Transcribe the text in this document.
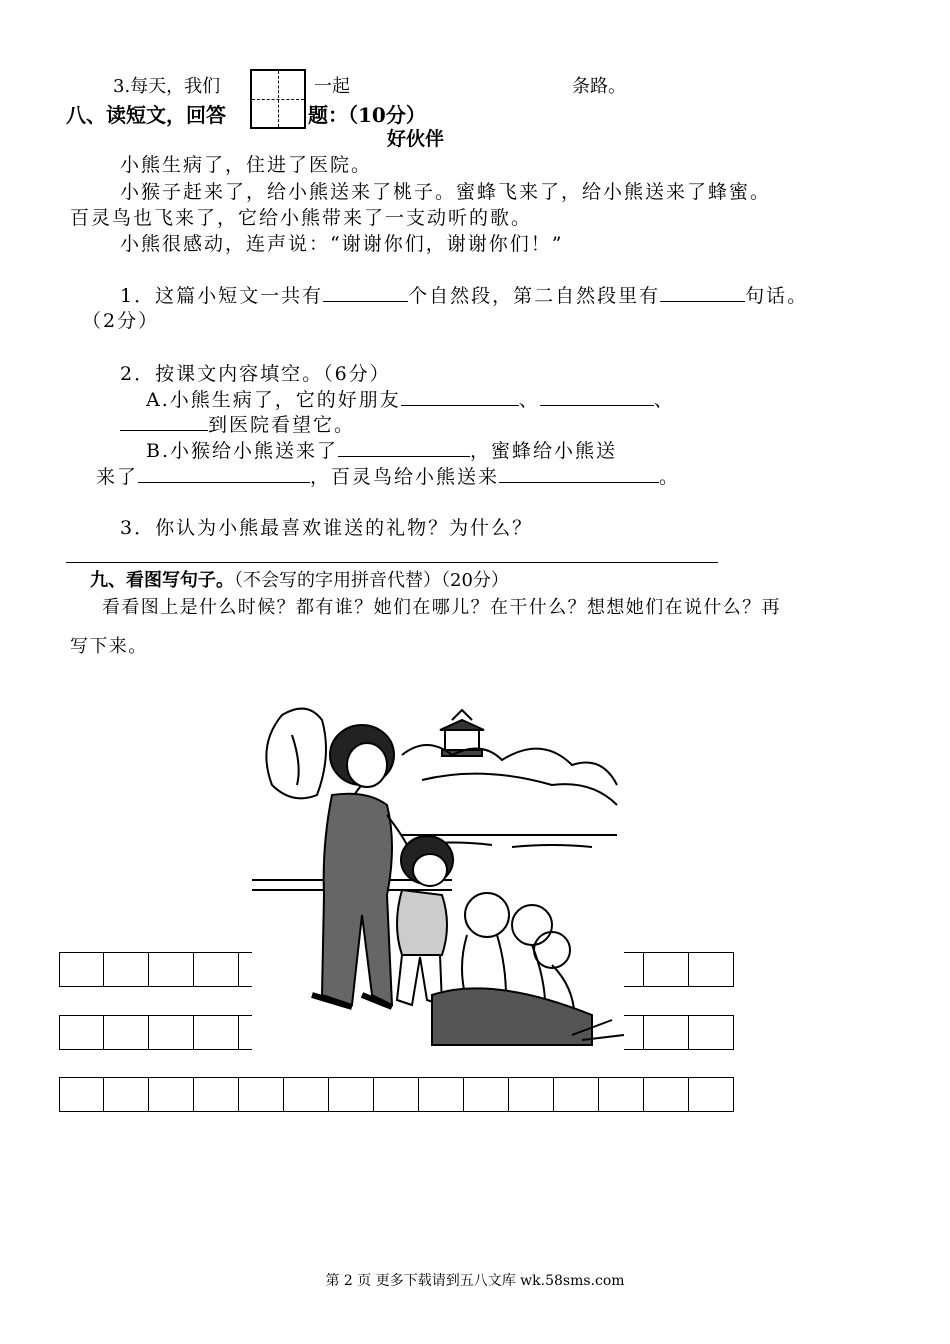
3.每天，我们	一起	条路。
八、读短文，回答	题：（10分）
好伙伴
小熊生病了，住进了医院。
小猴子赶来了，给小熊送来了桃子。蜜蜂飞来了，给小熊送来了蜂蜜。
百灵鸟也飞来了，它给小熊带来了一支动听的歌。
小熊很感动，连声说：“谢谢你们，谢谢你们！”
1．这篇小短文一共有	个自然段，第二自然段里有	句话。
（2分）
2．按课文内容填空。（6分）
A.小熊生病了，它的好朋友	、	、
到医院看望它。
B.小猴给小熊送来了	，蜜蜂给小熊送
来了	，百灵鸟给小熊送来	。
3．你认为小熊最喜欢谁送的礼物？为什么？
九、看图写句子。（不会写的字用拼音代替）（20分）
看看图上是什么时候？都有谁？她们在哪儿？在干什么？想想她们在说什么？再
写下来。
第 2 页 更多下载请到五八文库 wk.58sms.com
